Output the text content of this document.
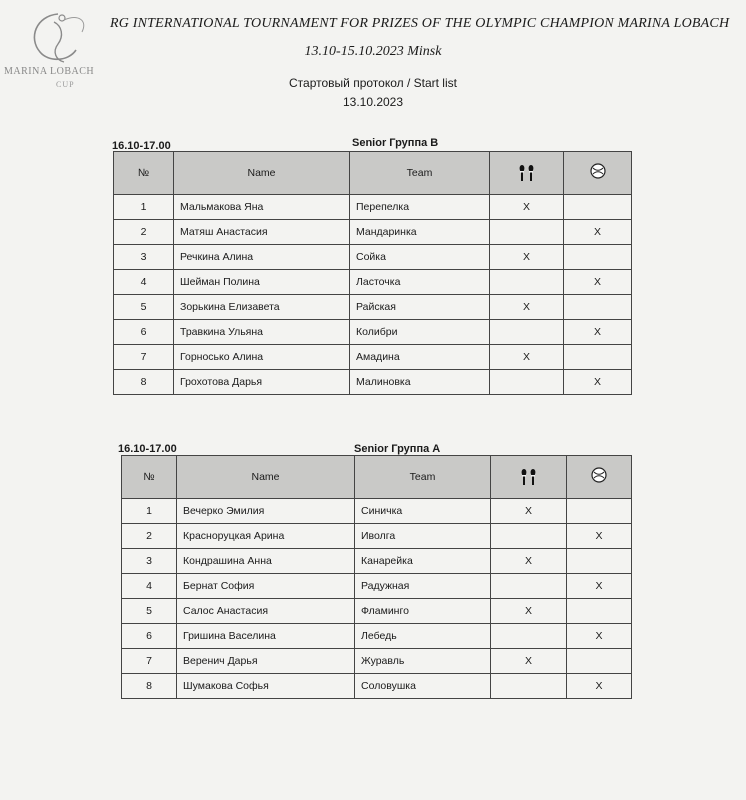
MARINA LOBACH
CUP
RG INTERNATIONAL TOURNAMENT FOR PRIZES OF THE OLYMPIC CHAMPION MARINA LOBACH
13.10-15.10.2023 Minsk
Стартовый протокол / Start list
13.10.2023
16.10-17.00	Senior Группа В
№	Name	Team	

1	Мальмакова Яна	Перепелка	X	
2	Матяш Анастасия	Мандаринка		X
3	Речкина Алина	Сойка	X	
4	Шейман Полина	Ласточка		X
5	Зорькина Елизавета	Райская	X	
6	Травкина Ульяна	Колибри		X
7	Горносько Алина	Амадина	X	
8	Грохотова Дарья	Малиновка		X
16.10-17.00	Senior Группа А
№	Name	Team	

1	Вечерко Эмилия	Синичка	X	
2	Красноруцкая Арина	Иволга		X
3	Кондрашина Анна	Канарейка	X	
4	Бернат София	Радужная		X
5	Салос Анастасия	Фламинго	X	
6	Гришина Васелина	Лебедь		X
7	Веренич Дарья	Журавль	X	
8	Шумакова Софья	Соловушка		X
